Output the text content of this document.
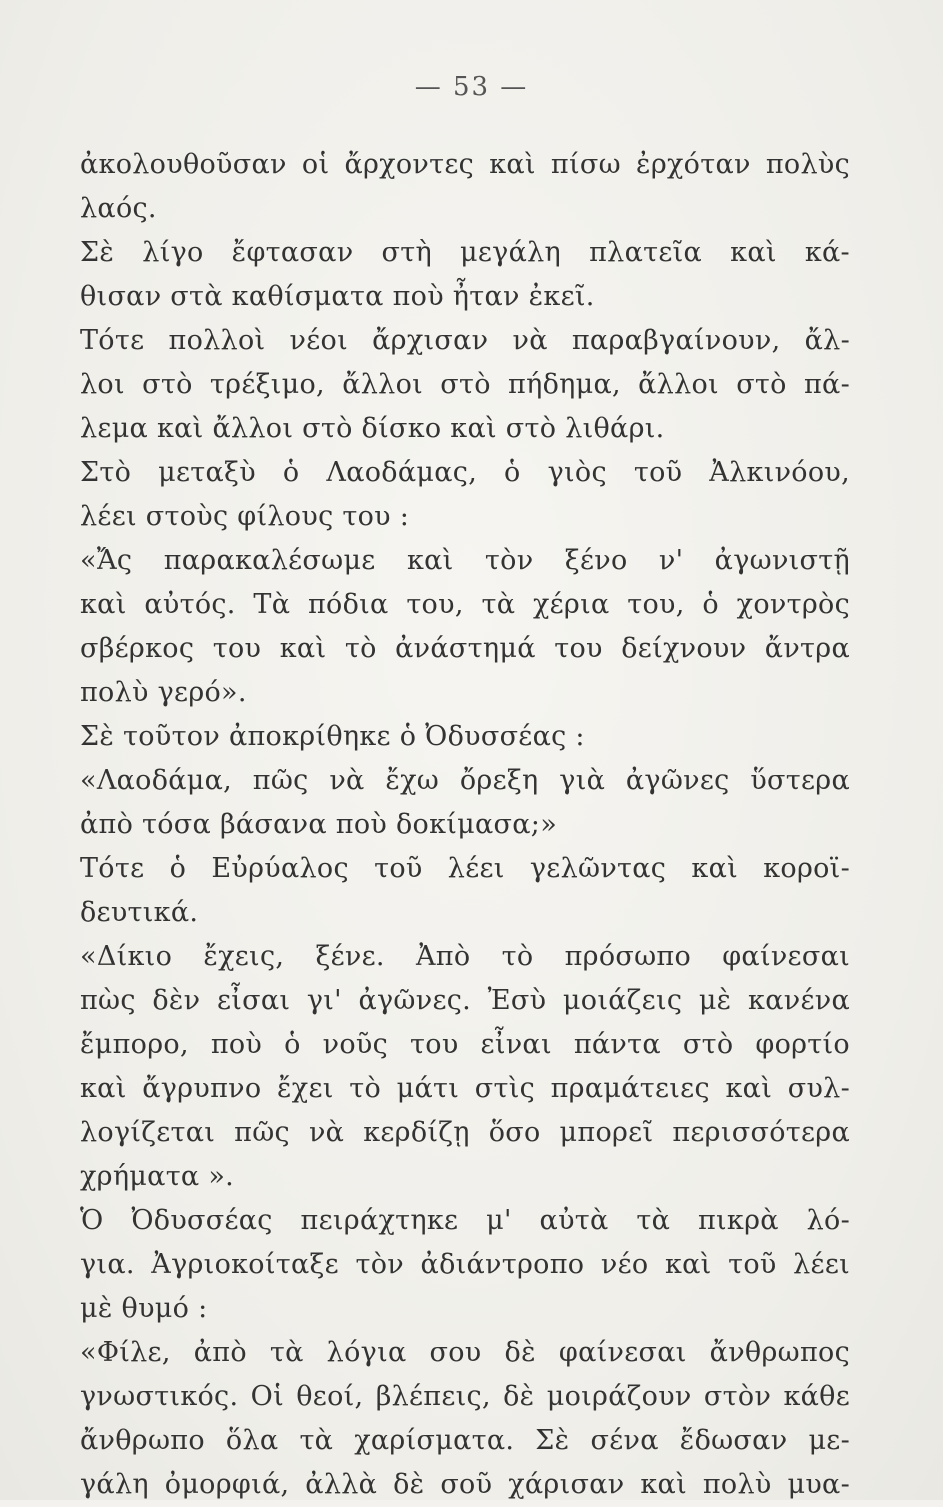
— 53 —
ἀκολουθοῦσαν οἱ ἄρχοντες καὶ πίσω ἐρχόταν πολὺς
λαός.
Σὲ λίγο ἔφτασαν στὴ μεγάλη πλατεῖα καὶ κά-
θισαν στὰ καθίσματα ποὺ ἦταν ἐκεῖ.
Τότε πολλοὶ νέοι ἄρχισαν νὰ παραβγαίνουν, ἄλ-
λοι στὸ τρέξιμο, ἄλλοι στὸ πήδημα, ἄλλοι στὸ πά-
λεμα καὶ ἄλλοι στὸ δίσκο καὶ στὸ λιθάρι.
Στὸ μεταξὺ ὁ Λαοδάμας, ὁ γιὸς τοῦ Ἀλκινόου,
λέει στοὺς φίλους του :
«Ἄς παρακαλέσωμε καὶ τὸν ξένο ν' ἀγωνιστῇ
καὶ αὐτός. Τὰ πόδια του, τὰ χέρια του, ὁ χοντρὸς
σβέρκος του καὶ τὸ ἀνάστημά του δείχνουν ἄντρα
πολὺ γερό».
Σὲ τοῦτον ἀποκρίθηκε ὁ Ὀδυσσέας :
«Λαοδάμα, πῶς νὰ ἔχω ὄρεξη γιὰ ἀγῶνες ὕστερα
ἀπὸ τόσα βάσανα ποὺ δοκίμασα;»
Τότε ὁ Εὐρύαλος τοῦ λέει γελῶντας καὶ κοροϊ-
δευτικά.
«Δίκιο ἔχεις, ξένε. Ἀπὸ τὸ πρόσωπο φαίνεσαι
πὼς δὲν εἶσαι γι' ἀγῶνες. Ἐσὺ μοιάζεις μὲ κανένα
ἔμπορο, ποὺ ὁ νοῦς του εἶναι πάντα στὸ φορτίο
καὶ ἄγρυπνο ἔχει τὸ μάτι στὶς πραμάτειες καὶ συλ-
λογίζεται πῶς νὰ κερδίζῃ ὅσο μπορεῖ περισσότερα
χρήματα ».
Ὁ Ὀδυσσέας πειράχτηκε μ' αὐτὰ τὰ πικρὰ λό-
για. Ἀγριοκοίταξε τὸν ἀδιάντροπο νέο καὶ τοῦ λέει
μὲ θυμό :
«Φίλε, ἀπὸ τὰ λόγια σου δὲ φαίνεσαι ἄνθρωπος
γνωστικός. Οἱ θεοί, βλέπεις, δὲ μοιράζουν στὸν κάθε
ἄνθρωπο ὅλα τὰ χαρίσματα. Σὲ σένα ἔδωσαν με-
γάλη ὀμορφιά, ἀλλὰ δὲ σοῦ χάρισαν καὶ πολὺ μυα-
